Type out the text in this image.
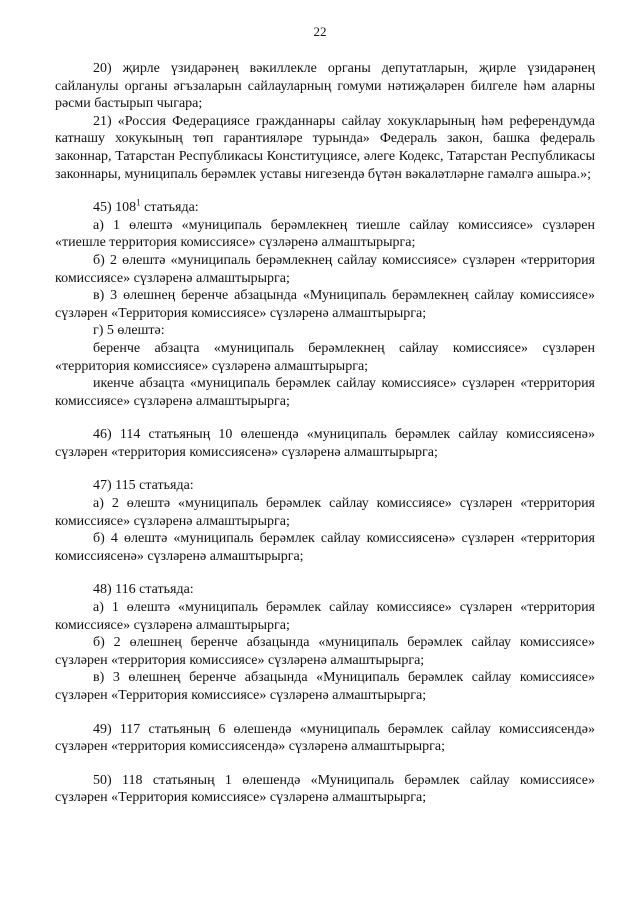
22

20) җирле үзидарәнең вәкиллекле органы депутатларын, җирле үзидарәнең сайланулы органы әгъзаларын сайлауларның гомуми нәтиҗәләрен билгеле һәм аларны рәсми бастырып чыгара;

21) «Россия Федерациясе гражданнары сайлау хокукларының һәм референдумда катнашу хокукының төп гарантияләре турында» Федераль закон, башка федераль законнар, Татарстан Республикасы Конституциясе, әлеге Кодекс, Татарстан Республикасы законнары, муниципаль берәмлек уставы нигезендә бүтән вәкаләтләрне гамәлгә ашыра.»;

45) $108^1$ статьяда:

а) 1 өлештә «муниципаль берәмлекнең тиешле сайлау комиссиясе» сүзләрен «тиешле территория комиссиясе» сүзләренә алмаштырырга;

б) 2 өлештә «муниципаль берәмлекнең сайлау комиссиясе» сүзләрен «территория комиссиясе» сүзләренә алмаштырырга;

в) 3 өлешнең беренче абзацында «Муниципаль берәмлекнең сайлау комиссиясе» сүзләрен «Территория комиссиясе» сүзләренә алмаштырырга;

г) 5 өлештә:

беренче абзацта «муниципаль берәмлекнең сайлау комиссиясе» сүзләрен «территория комиссиясе» сүзләренә алмаштырырга;

икенче абзацта «муниципаль берәмлек сайлау комиссиясе» сүзләрен «территория комиссиясе» сүзләренә алмаштырырга;

46) 114 статьяның 10 өлешендә «муниципаль берәмлек сайлау комиссиясенә» сүзләрен «территория комиссиясенә» сүзләренә алмаштырырга;

47) 115 статьяда:

а) 2 өлештә «муниципаль берәмлек сайлау комиссиясе» сүзләрен «территория комиссиясе» сүзләренә алмаштырырга;

б) 4 өлештә «муниципаль берәмлек сайлау комиссиясенә» сүзләрен «территория комиссиясенә» сүзләренә алмаштырырга;

48) 116 статьяда:

а) 1 өлештә «муниципаль берәмлек сайлау комиссиясе» сүзләрен «территория комиссиясе» сүзләренә алмаштырырга;

б) 2 өлешнең беренче абзацында «муниципаль берәмлек сайлау комиссиясе» сүзләрен «территория комиссиясе» сүзләренә алмаштырырга;

в) 3 өлешнең беренче абзацында «Муниципаль берәмлек сайлау комиссиясе» сүзләрен «Территория комиссиясе» сүзләренә алмаштырырга;

49) 117 статьяның 6 өлешендә «муниципаль берәмлек сайлау комиссиясендә» сүзләрен «территория комиссиясендә» сүзләренә алмаштырырга;

50) 118 статьяның 1 өлешендә «Муниципаль берәмлек сайлау комиссиясе» сүзләрен «Территория комиссиясе» сүзләренә алмаштырырга;
